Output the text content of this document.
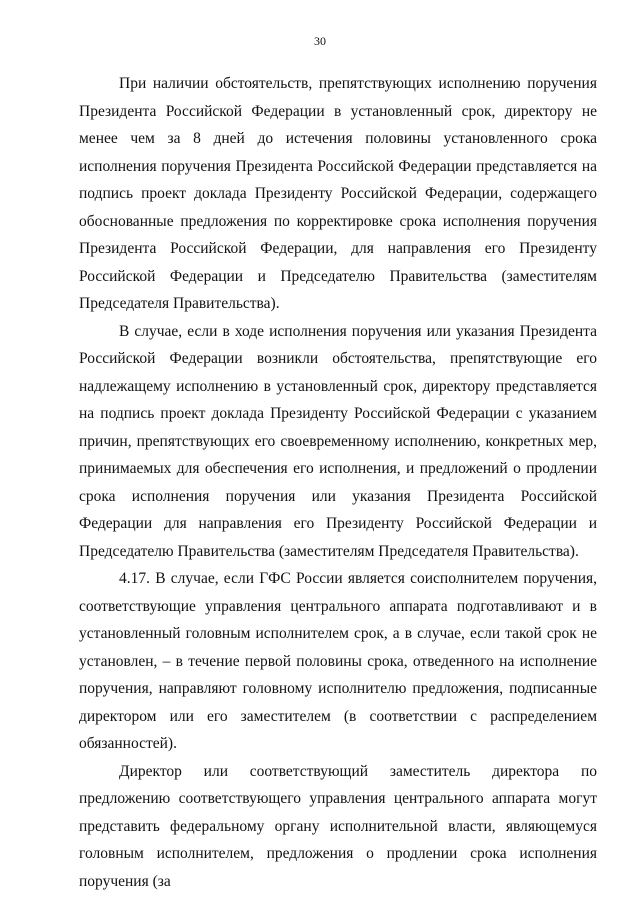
30

При наличии обстоятельств, препятствующих исполнению поручения Президента Российской Федерации в установленный срок, директору не менее чем за 8 дней до истечения половины установленного срока исполнения поручения Президента Российской Федерации представляется на подпись проект доклада Президенту Российской Федерации, содержащего обоснованные предложения по корректировке срока исполнения поручения Президента Российской Федерации, для направления его Президенту Российской Федерации и Председателю Правительства (заместителям Председателя Правительства).

В случае, если в ходе исполнения поручения или указания Президента Российской Федерации возникли обстоятельства, препятствующие его надлежащему исполнению в установленный срок, директору представляется на подпись проект доклада Президенту Российской Федерации с указанием причин, препятствующих его своевременному исполнению, конкретных мер, принимаемых для обеспечения его исполнения, и предложений о продлении срока исполнения поручения или указания Президента Российской Федерации для направления его Президенту Российской Федерации и Председателю Правительства (заместителям Председателя Правительства).

4.17. В случае, если ГФС России является соисполнителем поручения, соответствующие управления центрального аппарата подготавливают и в установленный головным исполнителем срок, а в случае, если такой срок не установлен, – в течение первой половины срока, отведенного на исполнение поручения, направляют головному исполнителю предложения, подписанные директором или его заместителем (в соответствии с распределением обязанностей).

Директор или соответствующий заместитель директора по предложению соответствующего управления центрального аппарата могут представить федеральному органу исполнительной власти, являющемуся головным исполнителем, предложения о продлении срока исполнения поручения (за
